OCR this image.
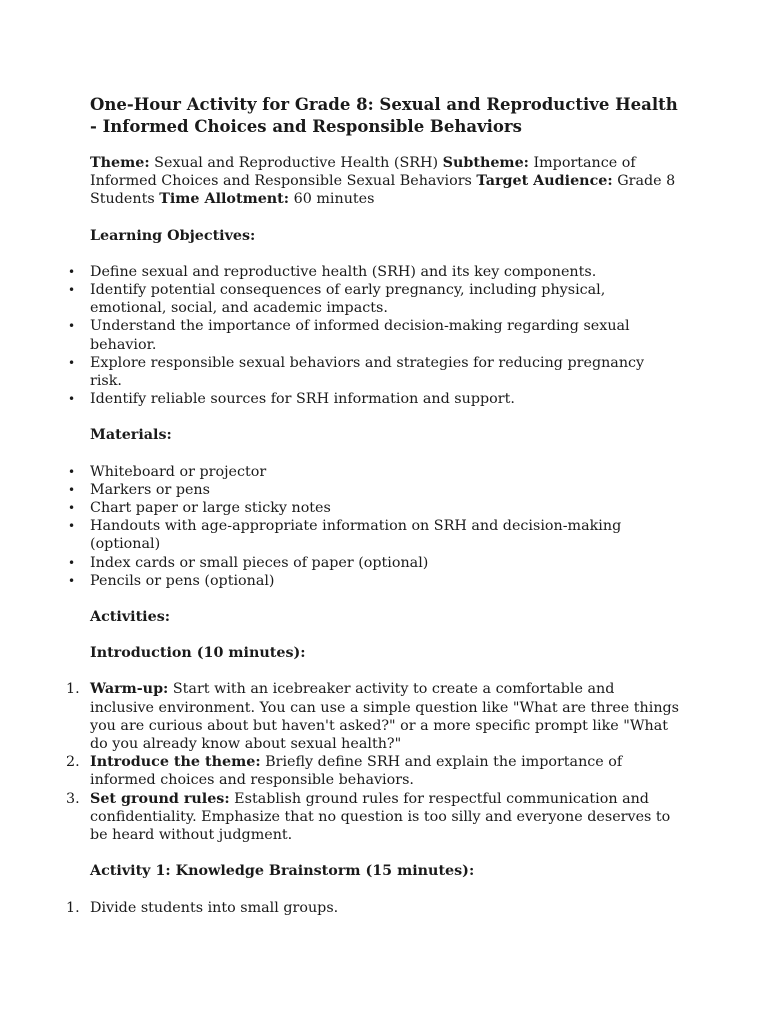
One-Hour Activity for Grade 8: Sexual and Reproductive Health - Informed Choices and Responsible Behaviors

Theme: Sexual and Reproductive Health (SRH) Subtheme: Importance of Informed Choices and Responsible Sexual Behaviors Target Audience: Grade 8 Students Time Allotment: 60 minutes

Learning Objectives:

• Define sexual and reproductive health (SRH) and its key components.
• Identify potential consequences of early pregnancy, including physical, emotional, social, and academic impacts.
• Understand the importance of informed decision-making regarding sexual behavior.
• Explore responsible sexual behaviors and strategies for reducing pregnancy risk.
• Identify reliable sources for SRH information and support.

Materials:

• Whiteboard or projector
• Markers or pens
• Chart paper or large sticky notes
• Handouts with age-appropriate information on SRH and decision-making (optional)
• Index cards or small pieces of paper (optional)
• Pencils or pens (optional)

Activities:

Introduction (10 minutes):

1. Warm-up: Start with an icebreaker activity to create a comfortable and inclusive environment. You can use a simple question like "What are three things you are curious about but haven't asked?" or a more specific prompt like "What do you already know about sexual health?"
2. Introduce the theme: Briefly define SRH and explain the importance of informed choices and responsible behaviors.
3. Set ground rules: Establish ground rules for respectful communication and confidentiality. Emphasize that no question is too silly and everyone deserves to be heard without judgment.

Activity 1: Knowledge Brainstorm (15 minutes):

1. Divide students into small groups.
